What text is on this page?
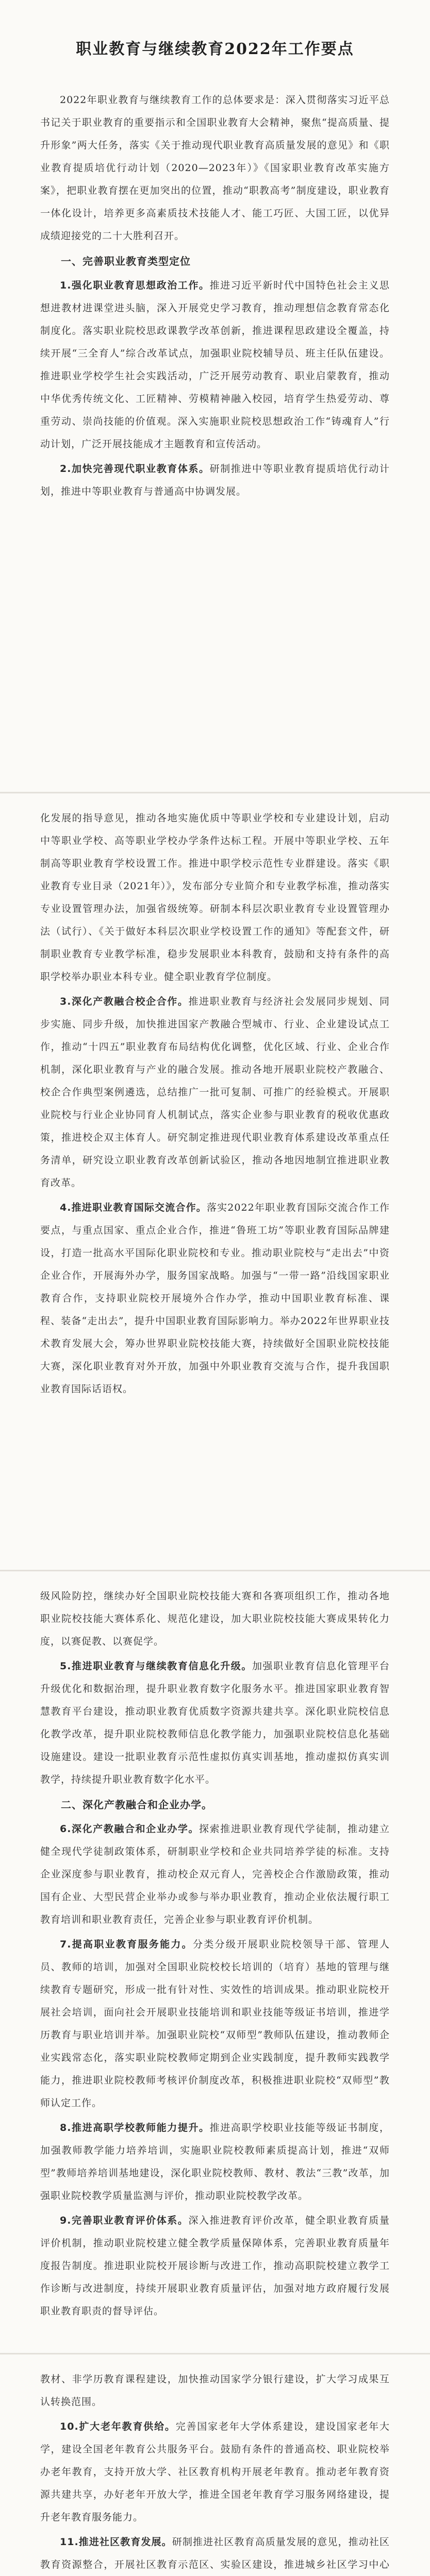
职业教育与继续教育2022年工作要点

2022年职业教育与继续教育工作的总体要求是：深入贯彻落实习近平总书记关于职业教育的重要指示和全国职业教育大会精神，聚焦“提高质量、提升形象”两大任务，落实《关于推动现代职业教育高质量发展的意见》和《职业教育提质培优行动计划（2020—2023年）》《国家职业教育改革实施方案》，把职业教育摆在更加突出的位置，推动“职教高考”制度建设，职业教育一体化设计，培养更多高素质技术技能人才、能工巧匠、大国工匠，以优异成绩迎接党的二十大胜利召开。

一、完善职业教育类型定位

1.强化职业教育思想政治工作。推进习近平新时代中国特色社会主义思想进教材进课堂进头脑，深入开展党史学习教育，推动理想信念教育常态化制度化。落实职业院校思政课教学改革创新，推进课程思政建设全覆盖，持续开展“三全育人”综合改革试点，加强职业院校辅导员、班主任队伍建设。推进职业学校学生社会实践活动，广泛开展劳动教育、职业启蒙教育，推动中华优秀传统文化、工匠精神、劳模精神融入校园，培育学生热爱劳动、尊重劳动、崇尚技能的价值观。深入实施职业院校思想政治工作“铸魂育人”行动计划，广泛开展技能成才主题教育和宣传活动。

2.加快完善现代职业教育体系。研制推进中等职业教育提质培优行动计划，推进中等职业教育与普通高中协调发展。

化发展的指导意见，推动各地实施优质中等职业学校和专业建设计划，启动中等职业学校、高等职业学校办学条件达标工程。开展中等职业学校、五年制高等职业教育学校设置工作。推进中职学校示范性专业群建设。落实《职业教育专业目录（2021年）》，发布部分专业简介和专业教学标准，推动落实专业设置管理办法，加强省级统筹。研制本科层次职业教育专业设置管理办法（试行）、《关于做好本科层次职业学校设置工作的通知》等配套文件，研制职业教育专业教学标准，稳步发展职业本科教育，鼓励和支持有条件的高职学校举办职业本科专业。健全职业教育学位制度。

3.深化产教融合校企合作。推进职业教育与经济社会发展同步规划、同步实施、同步升级，加快推进国家产教融合型城市、行业、企业建设试点工作，推动“十四五”职业教育布局结构优化调整，优化区域、行业、企业合作机制，深化职业教育与产业的融合发展。推动各地开展职业院校产教融合、校企合作典型案例遴选，总结推广一批可复制、可推广的经验模式。开展职业院校与行业企业协同育人机制试点，落实企业参与职业教育的税收优惠政策，推进校企双主体育人。研究制定推进现代职业教育体系建设改革重点任务清单，研究设立职业教育改革创新试验区，推动各地因地制宜推进职业教育改革。

4.推进职业教育国际交流合作。落实2022年职业教育国际交流合作工作要点，与重点国家、重点企业合作，推进“鲁班工坊”等职业教育国际品牌建设，打造一批高水平国际化职业院校和专业。推动职业院校与“走出去”中资企业合作，开展海外办学，服务国家战略。加强与“一带一路”沿线国家职业教育合作，支持职业院校开展境外合作办学，推动中国职业教育标准、课程、装备“走出去”，提升中国职业教育国际影响力。举办2022年世界职业技术教育发展大会，筹办世界职业院校技能大赛，持续做好全国职业院校技能大赛，深化职业教育对外开放，加强中外职业教育交流与合作，提升我国职业教育国际话语权。

级风险防控，继续办好全国职业院校技能大赛和各赛项组织工作，推动各地职业院校技能大赛体系化、规范化建设，加大职业院校技能大赛成果转化力度，以赛促教、以赛促学。

5.推进职业教育与继续教育信息化升级。加强职业教育信息化管理平台升级优化和数据治理，提升职业教育数字化服务水平。推进国家职业教育智慧教育平台建设，推动职业教育优质数字资源共建共享。深化职业院校信息化教学改革，提升职业院校教师信息化教学能力，加强职业院校信息化基础设施建设。建设一批职业教育示范性虚拟仿真实训基地，推动虚拟仿真实训教学，持续提升职业教育数字化水平。

二、深化产教融合和企业办学。

6.深化产教融合和企业办学。探索推进职业教育现代学徒制，推动建立健全现代学徒制政策体系，研制职业学校和企业共同培养学徒的标准。支持企业深度参与职业教育，推动校企双元育人，完善校企合作激励政策，推动国有企业、大型民营企业举办或参与举办职业教育，推动企业依法履行职工教育培训和职业教育责任，完善企业参与职业教育评价机制。

7.提高职业教育服务能力。分类分级开展职业院校领导干部、管理人员、教师的培训，加强对全国职业院校校长培训的（培育）基地的管理与继续教育专题研究，形成一批有针对性、实效性的培训成果。推动职业院校开展社会培训，面向社会开展职业技能培训和职业技能等级证书培训，推进学历教育与职业培训并举。加强职业院校“双师型”教师队伍建设，推动教师企业实践常态化，落实职业院校教师定期到企业实践制度，提升教师实践教学能力，推进职业院校教师考核评价制度改革，积极推进职业院校“双师型”教师认定工作。

8.推进高职学校教师能力提升。推进高职学校职业技能等级证书制度，加强教师教学能力培养培训，实施职业院校教师素质提高计划，推进“双师型”教师培养培训基地建设，深化职业院校教师、教材、教法“三教”改革，加强职业院校教学质量监测与评价，推动职业院校教学改革。

9.完善职业教育评价体系。深入推进教育评价改革，健全职业教育质量评价机制，推动职业院校建立健全教学质量保障体系，完善职业教育质量年度报告制度。推进职业院校开展诊断与改进工作，推动高职院校建立教学工作诊断与改进制度，持续开展职业教育质量评估，加强对地方政府履行发展职业教育职责的督导评估。

教材、非学历教育课程建设，加快推动国家学分银行建设，扩大学习成果互认转换范围。

10.扩大老年教育供给。完善国家老年大学体系建设，建设国家老年大学，建设全国老年教育公共服务平台。鼓励有条件的普通高校、职业院校举办老年教育，支持开放大学、社区教育机构开展老年教育。推动老年教育资源共建共享，办好老年开放大学，推进全国老年教育学习服务网络建设，提升老年教育服务能力。

11.推进社区教育发展。研制推进社区教育高质量发展的意见，推动社区教育资源整合，开展社区教育示范区、实验区建设，推进城乡社区学习中心
